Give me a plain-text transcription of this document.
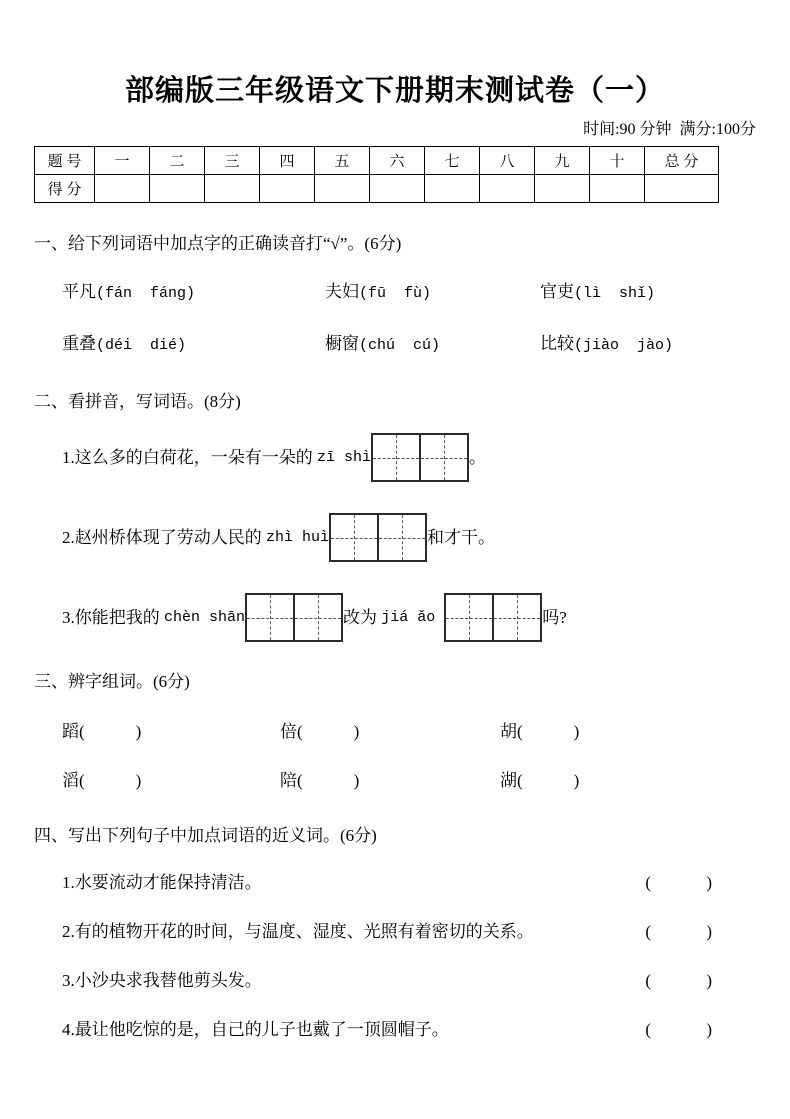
部编版三年级语文下册期末测试卷（一）
时间:90 分钟  满分:100分
题 号	一	二	三	四	五	六	七	八	九	十	总 分
得 分											
一、给下列词语中加点字的正确读音打“√”。(6分)
平凡(fán  fáng)	夫妇(fū  fù)	官吏(lì  shǐ)
重叠(déi  dié)	橱窗(chú  cú)	比较(jiào  jào)
二、看拼音，写词语。(8分)
1.这么多的白荷花，一朵有一朵的 zī shì	。
2.赵州桥体现了劳动人民的 zhì huì	和才干。
3.你能把我的 chèn shān	改为 jiá ǎo	吗?
三、辨字组词。(6分)
蹈(            )	倍(            )	胡(            )
滔(            )	陪(            )	湖(            )
四、写出下列句子中加点词语的近义词。(6分)
1.水要流动才能保持清洁。	(             )
2.有的植物开花的时间，与温度、湿度、光照有着密切的关系。	(             )
3.小沙央求我替他剪头发。	(             )
4.最让他吃惊的是，自己的儿子也戴了一顶圆帽子。	(             )
